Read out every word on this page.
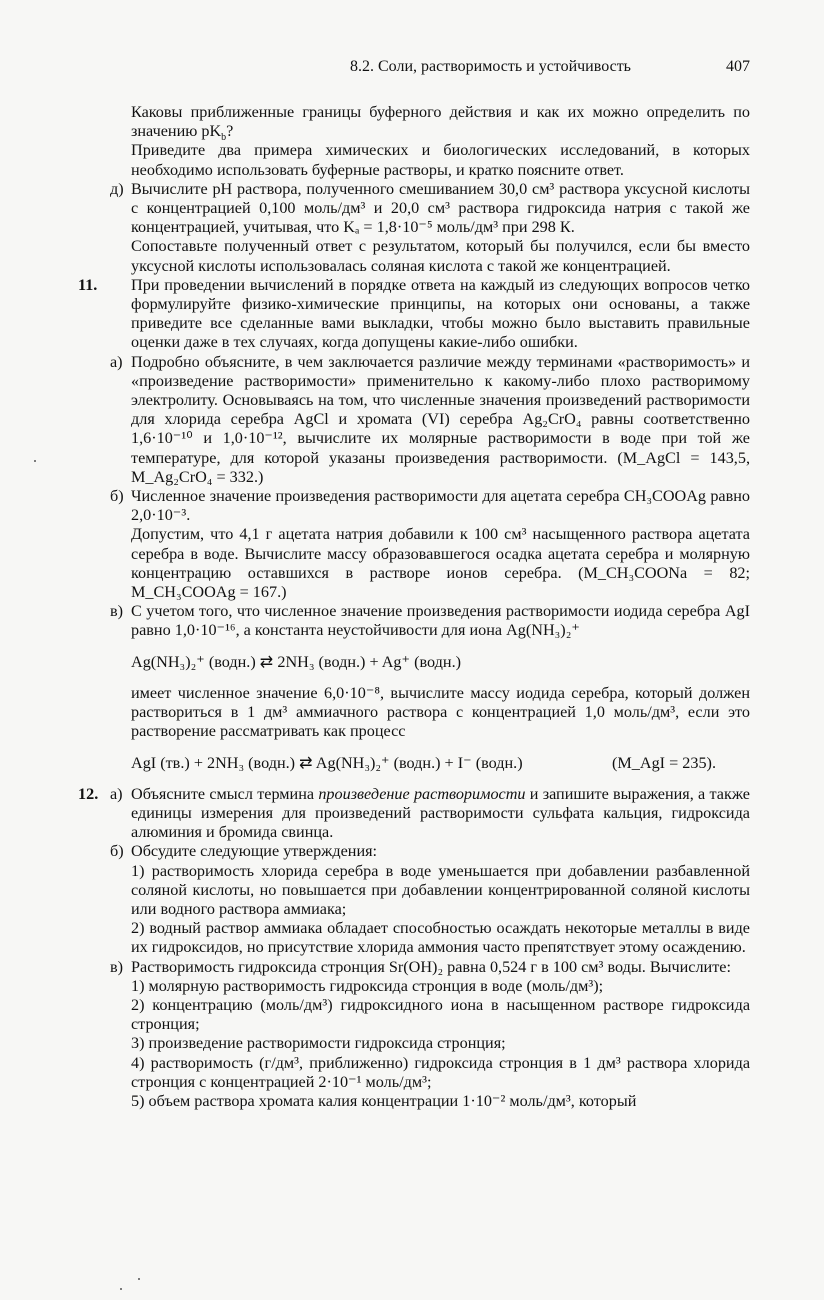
8.2. Соли, растворимость и устойчивость	407

Каковы приближенные границы буферного действия и как их можно определить по значению $pK_b$?

Приведите два примера химических и биологических исследований, в которых необходимо использовать буферные растворы, и кратко поясните ответ.

д) Вычислите pH раствора, полученного смешиванием 30,0 см³ раствора уксусной кислоты с концентрацией 0,100 моль/дм³ и 20,0 см³ раствора гидроксида натрия с такой же концентрацией, учитывая, что Kₐ = 1,8·10⁻⁵ моль/дм³ при 298 К.

Сопоставьте полученный ответ с результатом, который бы получился, если бы вместо уксусной кислоты использовалась соляная кислота с такой же концентрацией.

11.	При проведении вычислений в порядке ответа на каждый из следующих вопросов четко формулируйте физико-химические принципы, на которых они основаны, а также приведите все сделанные вами выкладки, чтобы можно было выставить правильные оценки даже в тех случаях, когда допущены какие-либо ошибки.

а) Подробно объясните, в чем заключается различие между терминами «растворимость» и «произведение растворимости» применительно к какому-либо плохо растворимому электролиту. Основываясь на том, что численные значения произведений растворимости для хлорида серебра AgCl и хромата (VI) серебра Ag₂CrO₄ равны соответственно 1,6·10⁻¹⁰ и 1,0·10⁻¹², вычислите их молярные растворимости в воде при той же температуре, для которой указаны произведения растворимости. (M_AgCl = 143,5, M_Ag₂CrO₄ = 332.)

б) Численное значение произведения растворимости для ацетата серебра CH₃COOAg равно 2,0·10⁻³.

Допустим, что 4,1 г ацетата натрия добавили к 100 см³ насыщенного раствора ацетата серебра в воде. Вычислите массу образовавшегося осадка ацетата серебра и молярную концентрацию оставшихся в растворе ионов серебра. (M_CH₃COONa = 82; M_CH₃COOAg = 167.)

в) С учетом того, что численное значение произведения растворимости иодида серебра AgI равно 1,0·10⁻¹⁶, а константа неустойчивости для иона Ag(NH₃)₂⁺

Ag(NH₃)₂⁺ (водн.) ⇄ 2NH₃ (водн.) + Ag⁺ (водн.)

имеет численное значение 6,0·10⁻⁸, вычислите массу иодида серебра, который должен раствориться в 1 дм³ аммиачного раствора с концентрацией 1,0 моль/дм³, если это растворение рассматривать как процесс

AgI (тв.) + 2NH₃ (водн.) ⇄ Ag(NH₃)₂⁺ (водн.) + I⁻ (водн.)	(M_AgI = 235).
12. а) Объясните смысл термина произведение растворимости и запишите выражения, а также единицы измерения для произведений растворимости сульфата кальция, гидроксида алюминия и бромида свинца.

б) Обсудите следующие утверждения:

1) растворимость хлорида серебра в воде уменьшается при добавлении разбавленной соляной кислоты, но повышается при добавлении концентрированной соляной кислоты или водного раствора аммиака;

2) водный раствор аммиака обладает способностью осаждать некоторые металлы в виде их гидроксидов, но присутствие хлорида аммония часто препятствует этому осаждению.

в) Растворимость гидроксида стронция Sr(OH)₂ равна 0,524 г в 100 см³ воды. Вычислите:

1) молярную растворимость гидроксида стронция в воде (моль/дм³);

2) концентрацию (моль/дм³) гидроксидного иона в насыщенном растворе гидроксида стронция;

3) произведение растворимости гидроксида стронция;

4) растворимость (г/дм³, приближенно) гидроксида стронция в 1 дм³ раствора хлорида стронция с концентрацией 2·10⁻¹ моль/дм³;

5) объем раствора хромата калия концентрации 1·10⁻² моль/дм³, который
